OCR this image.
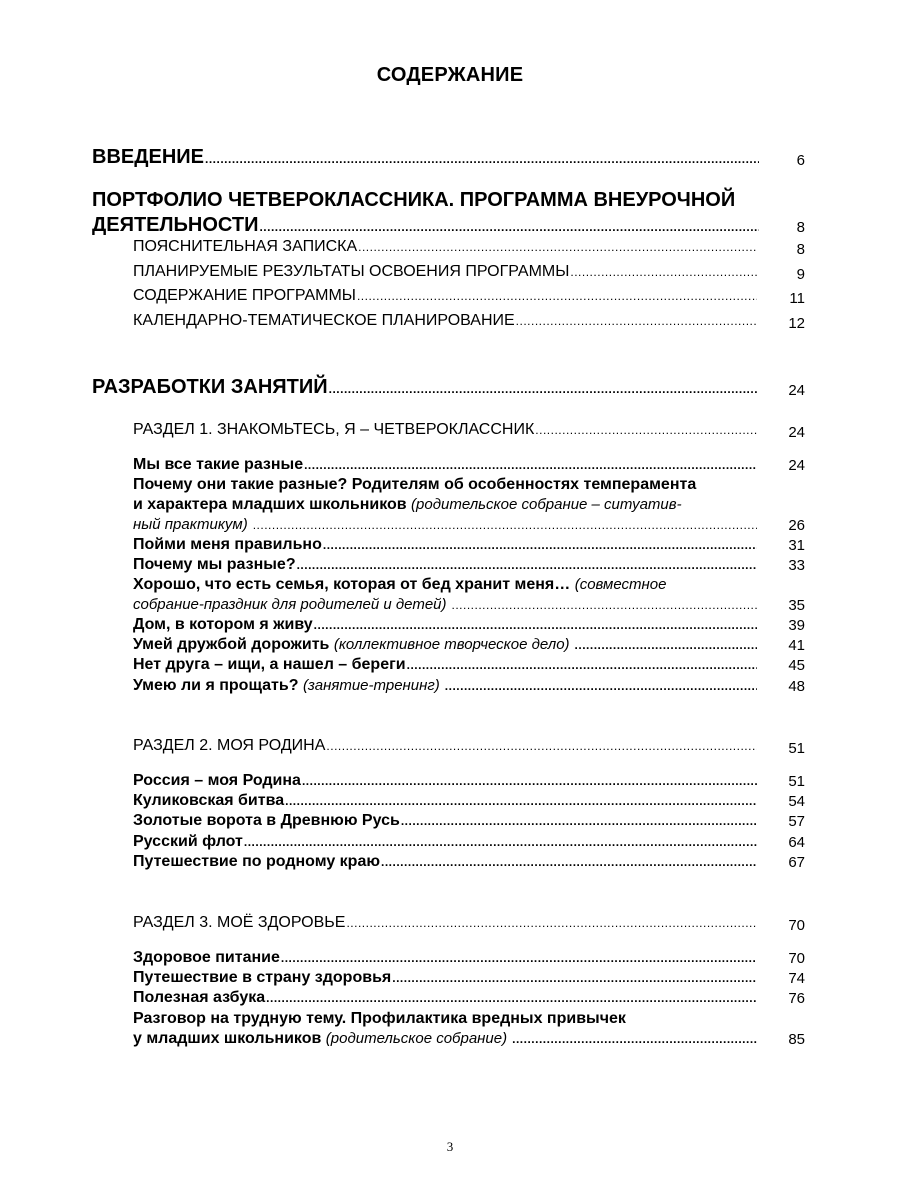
СОДЕРЖАНИЕ
ВВЕДЕНИЕ .....	6
ПОРТФОЛИО ЧЕТВЕРОКЛАССНИКА. ПРОГРАММА ВНЕУРОЧНОЙ
ДЕЯТЕЛЬНОСТИ .....	8
ПОЯСНИТЕЛЬНАЯ ЗАПИСКА .....	8
ПЛАНИРУЕМЫЕ РЕЗУЛЬТАТЫ ОСВОЕНИЯ ПРОГРАММЫ .....	9
СОДЕРЖАНИЕ ПРОГРАММЫ .....	11
КАЛЕНДАРНО-ТЕМАТИЧЕСКОЕ ПЛАНИРОВАНИЕ .....	12
РАЗРАБОТКИ ЗАНЯТИЙ .....	24
РАЗДЕЛ 1. ЗНАКОМЬТЕСЬ, Я – ЧЕТВЕРОКЛАССНИК .....	24
Мы все такие разные .....	24
Почему они такие разные? Родителям об особенностях темперамента
и характера младших школьников
(родительское собрание – ситуатив-
ный практикум) .....	26
Пойми меня правильно .....	31
Почему мы разные? .....	33
Хорошо, что есть семья, которая от бед хранит меня…
(совместное
собрание-праздник для родителей и детей) .....	35
Дом, в котором я живу .....	39
Умей дружбой дорожить
(коллективное творческое дело) .....	41
Нет друга – ищи, а нашел – береги .....	45
Умею ли я прощать?
(занятие-тренинг) .....	48
РАЗДЕЛ 2. МОЯ РОДИНА .....	51
Россия – моя Родина .....	51
Куликовская битва .....	54
Золотые ворота в Древнюю Русь .....	57
Русский флот .....	64
Путешествие по родному краю .....	67
РАЗДЕЛ 3. МОЁ ЗДОРОВЬЕ .....	70
Здоровое питание .....	70
Путешествие в страну здоровья .....	74
Полезная азбука .....	76
Разговор на трудную тему. Профилактика вредных привычек
у младших школьников
(родительское собрание) .....	85
3
